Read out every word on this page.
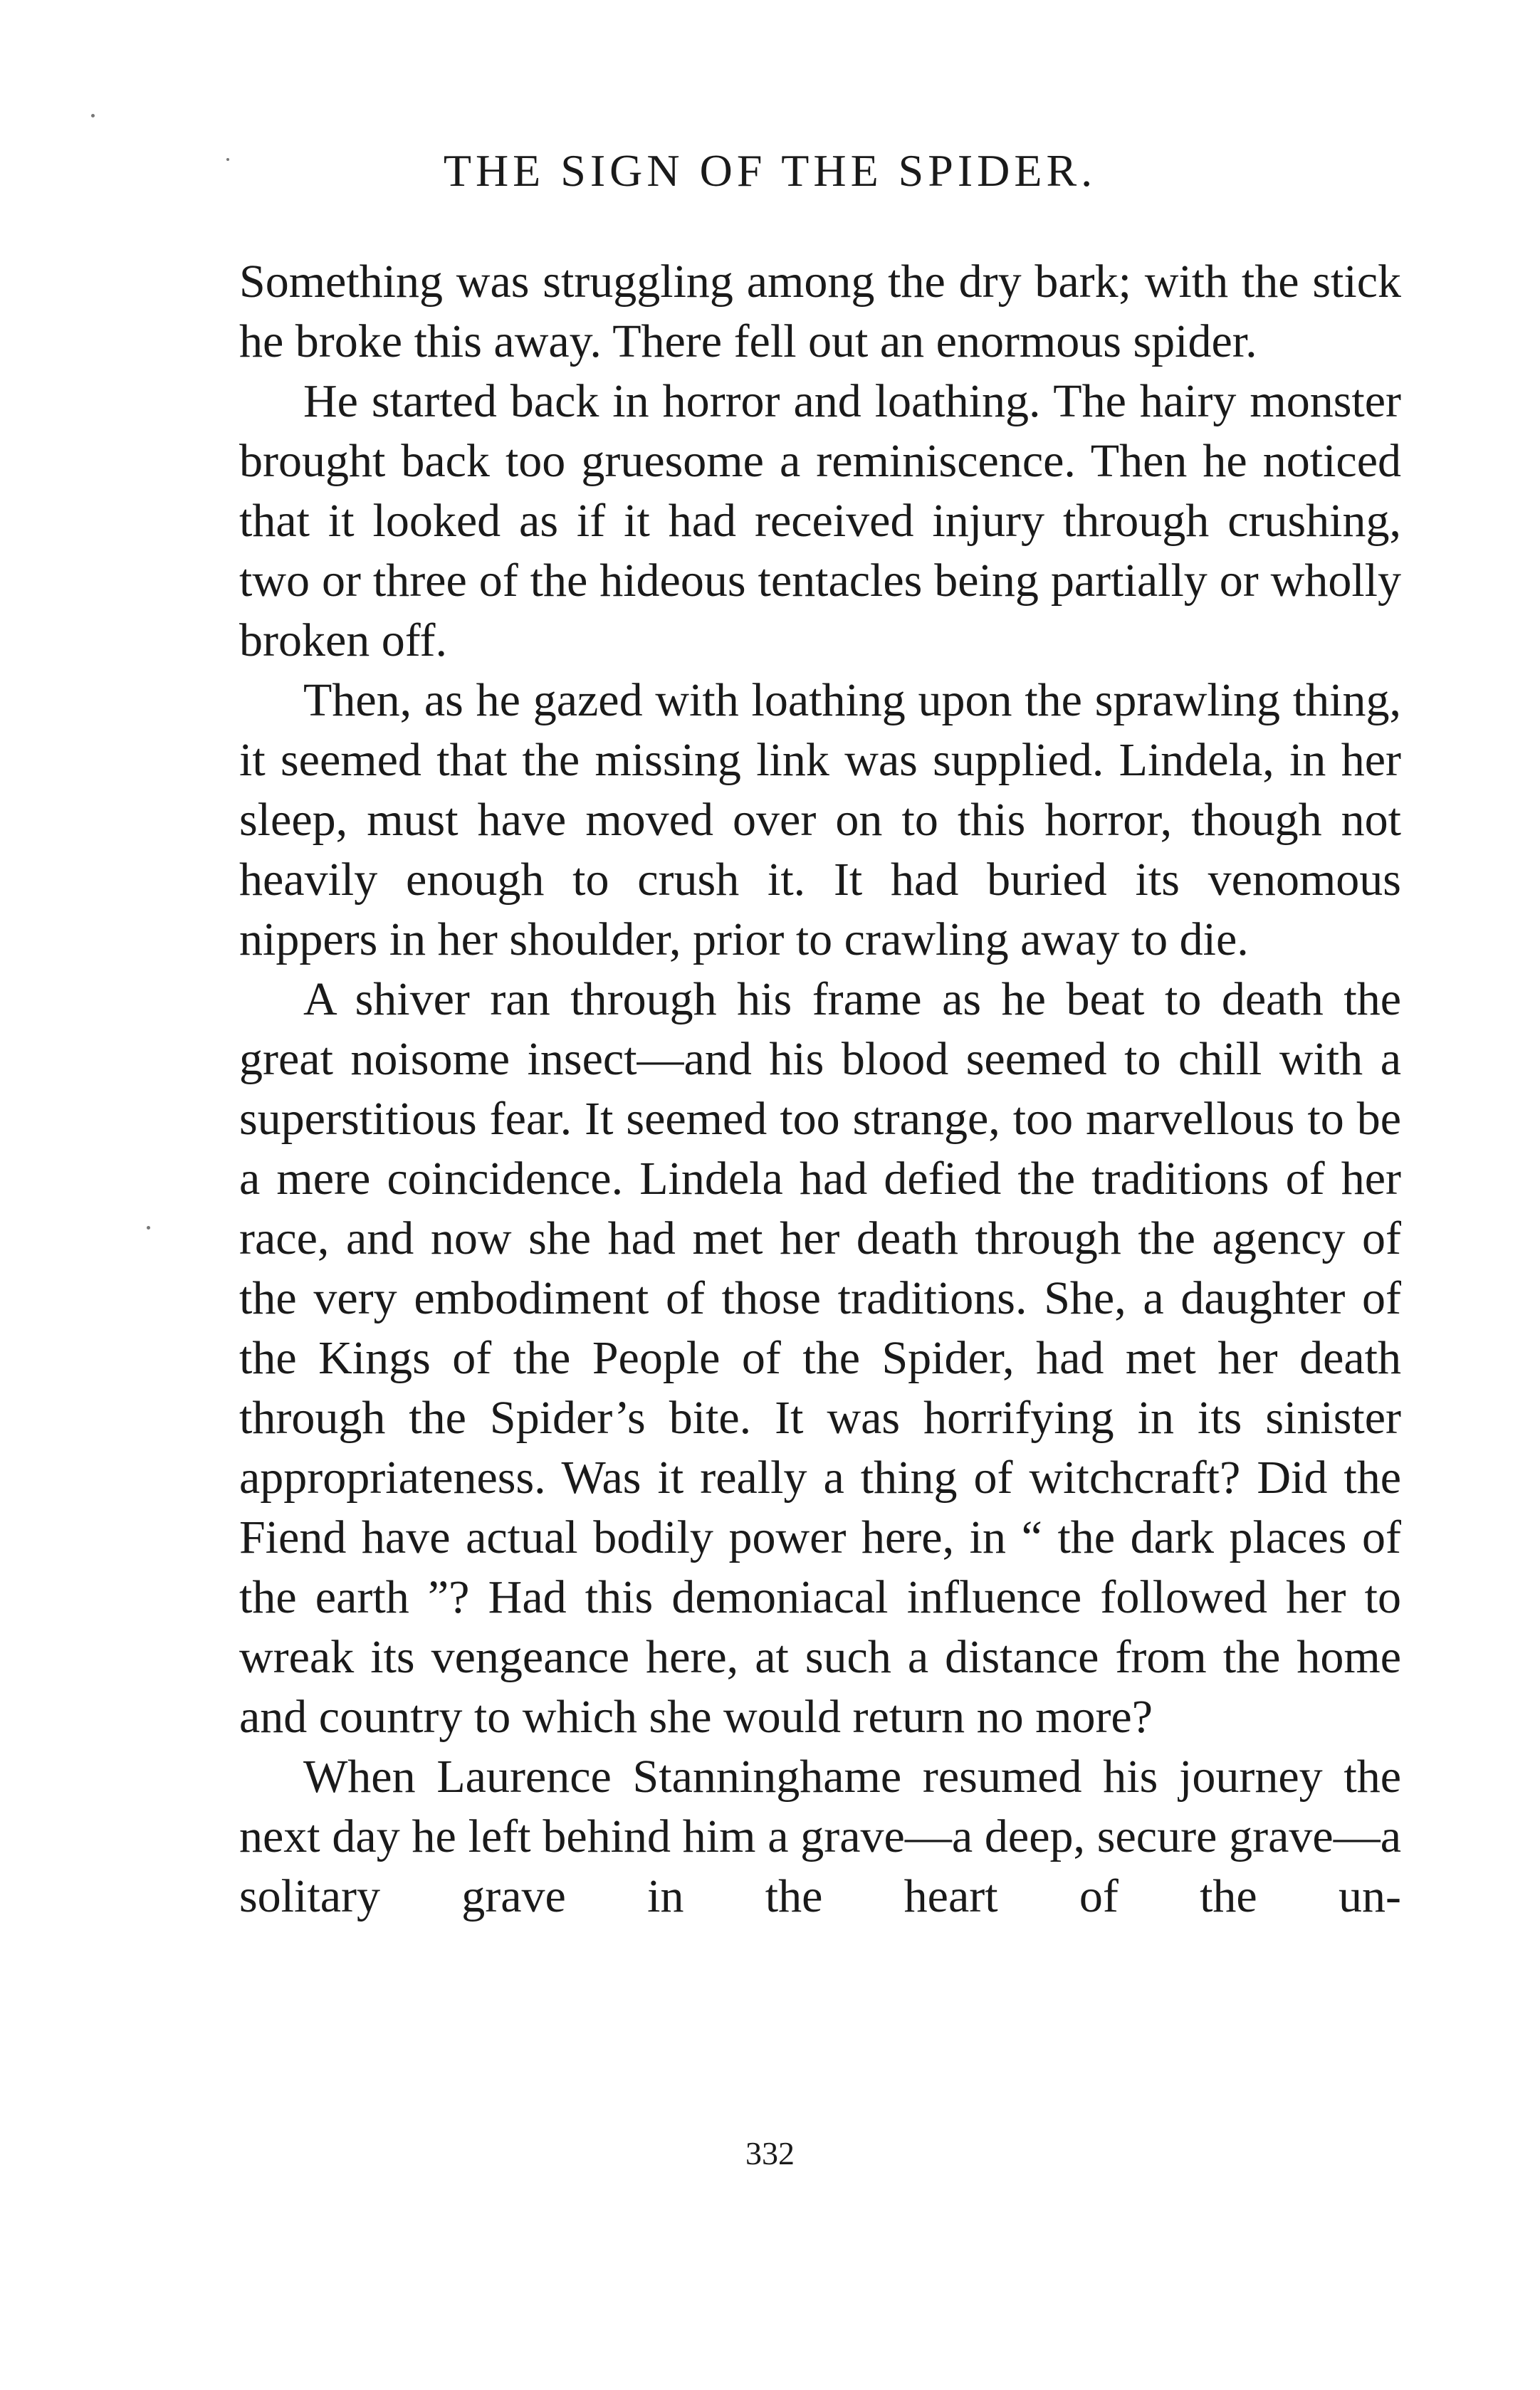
THE SIGN OF THE SPIDER.

Something was struggling among the dry bark; with the stick he broke this away. There fell out an enormous spider.

He started back in horror and loathing. The hairy monster brought back too gruesome a reminiscence. Then he noticed that it looked as if it had received injury through crushing, two or three of the hideous tentacles being partially or wholly broken off.

Then, as he gazed with loathing upon the sprawling thing, it seemed that the missing link was supplied. Lindela, in her sleep, must have moved over on to this horror, though not heavily enough to crush it. It had buried its venomous nippers in her shoulder, prior to crawling away to die.

A shiver ran through his frame as he beat to death the great noisome insect—and his blood seemed to chill with a superstitious fear. It seemed too strange, too marvellous to be a mere coincidence. Lindela had defied the traditions of her race, and now she had met her death through the agency of the very embodiment of those traditions. She, a daughter of the Kings of the People of the Spider, had met her death through the Spider’s bite. It was horrifying in its sinister appropriateness. Was it really a thing of witchcraft? Did the Fiend have actual bodily power here, in “ the dark places of the earth ”? Had this demoniacal influence followed her to wreak its vengeance here, at such a distance from the home and country to which she would return no more?

When Laurence Stanninghame resumed his journey the next day he left behind him a grave—a deep, secure grave—a solitary grave in the heart of the un-

332
